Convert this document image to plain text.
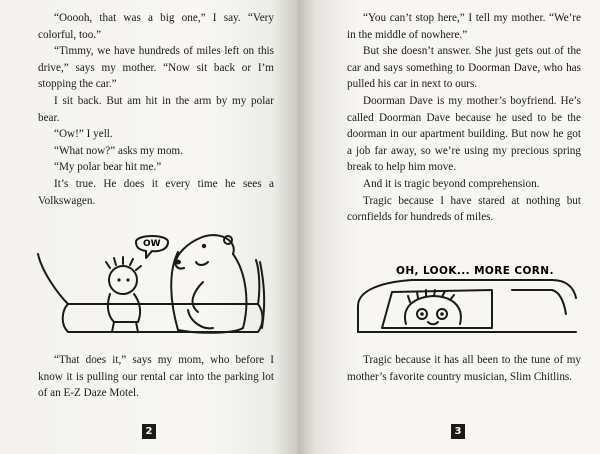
“Ooooh, that was a big one,” I say. “Very colorful, too.”

“Timmy, we have hundreds of miles left on this drive,” says my mother. “Now sit back or I’m stopping the car.”

I sit back. But am hit in the arm by my polar bear.

“Ow!” I yell.

“What now?” asks my mom.

“My polar bear hit me.”

It’s true. He does it every time he sees a Volkswagen.

OW

“That does it,” says my mom, who before I know it is pulling our rental car into the parking lot of an E-Z Daze Motel.

2

“You can’t stop here,” I tell my mother. “We’re in the middle of nowhere.”

But she doesn’t answer. She just gets out of the car and says something to Doorman Dave, who has pulled his car in next to ours.

Doorman Dave is my mother’s boyfriend. He’s called Doorman Dave because he used to be the doorman in our apartment building. But now he got a job far away, so we’re using my precious spring break to help him move.

And it is tragic beyond comprehension.

Tragic because I have stared at nothing but cornfields for hundreds of miles.

OH, LOOK... MORE CORN.

Tragic because it has all been to the tune of my mother’s favorite country musician, Slim Chitlins.

3
